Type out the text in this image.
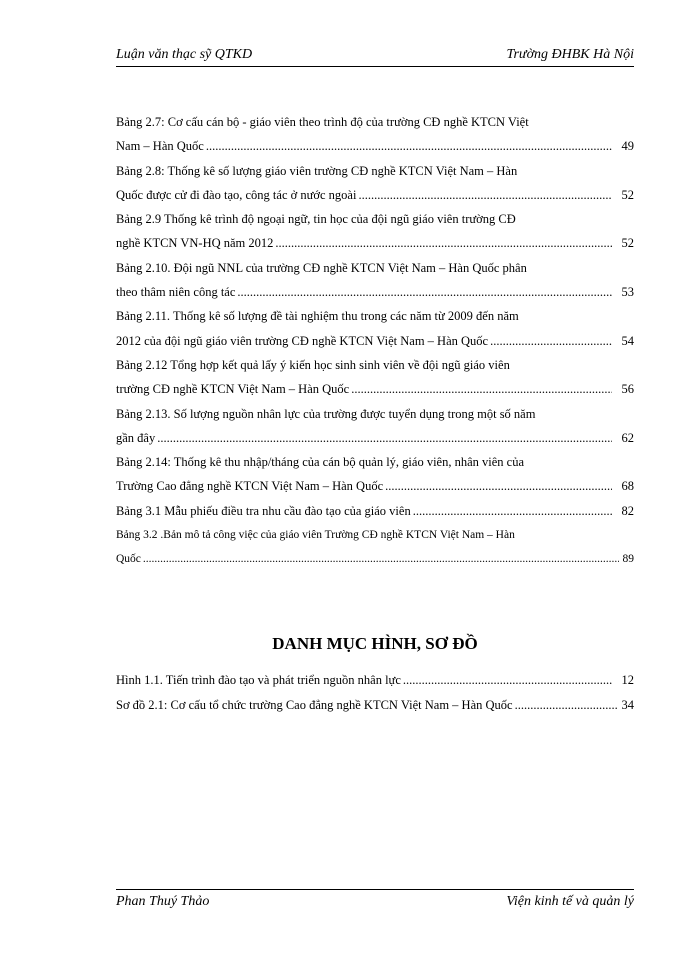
Luận văn thạc sỹ QTKD	Trường ĐHBK Hà Nội
Bảng 2.7: Cơ cấu cán bộ - giáo viên theo trình độ của trường CĐ nghề KTCN Việt
Nam – Hàn Quốc .....	49
Bảng 2.8: Thống kê số lượng giáo viên trường CĐ nghề KTCN Việt Nam – Hàn
Quốc được cử đi đào tạo, công tác ở nước ngoài .....	52
Bảng 2.9 Thống kê trình độ ngoại ngữ, tin học của đội ngũ giáo viên trường CĐ
nghề KTCN VN-HQ năm 2012 .....	52
Bảng 2.10. Đội ngũ NNL của trường CĐ nghề KTCN Việt Nam – Hàn Quốc phân
theo thâm niên công tác .....	53
Bảng 2.11. Thống kê số lượng đề tài nghiệm thu trong các năm từ 2009 đến năm
2012 của đội ngũ giáo viên trường CĐ nghề KTCN Việt Nam – Hàn Quốc .....	54
Bảng 2.12 Tổng hợp kết quả lấy ý kiến học sinh sinh viên về đội ngũ giáo viên
trường CĐ nghề KTCN Việt Nam – Hàn Quốc .....	56
Bảng 2.13. Số lượng nguồn nhân lực của trường được tuyển dụng trong một số năm
gần đây .....	62
Bảng 2.14: Thống kê thu nhập/tháng của cán bộ quản lý, giáo viên, nhân viên của
Trường Cao đẳng nghề KTCN Việt Nam – Hàn Quốc .....	68
Bảng 3.1 Mẫu phiếu điều tra nhu cầu đào tạo của giáo viên .....	82
Bảng 3.2 .Bản mô tả công việc của giáo viên Trường CĐ nghề KTCN Việt Nam – Hàn
Quốc .....	89
DANH MỤC HÌNH, SƠ ĐỒ
Hình 1.1. Tiến trình đào tạo và phát triển nguồn nhân lực .....	12
Sơ đồ 2.1: Cơ cấu tổ chức trường Cao đẳng nghề KTCN Việt Nam – Hàn Quốc .....	34
Phan Thuý Thảo	Viện kinh tế và quản lý
